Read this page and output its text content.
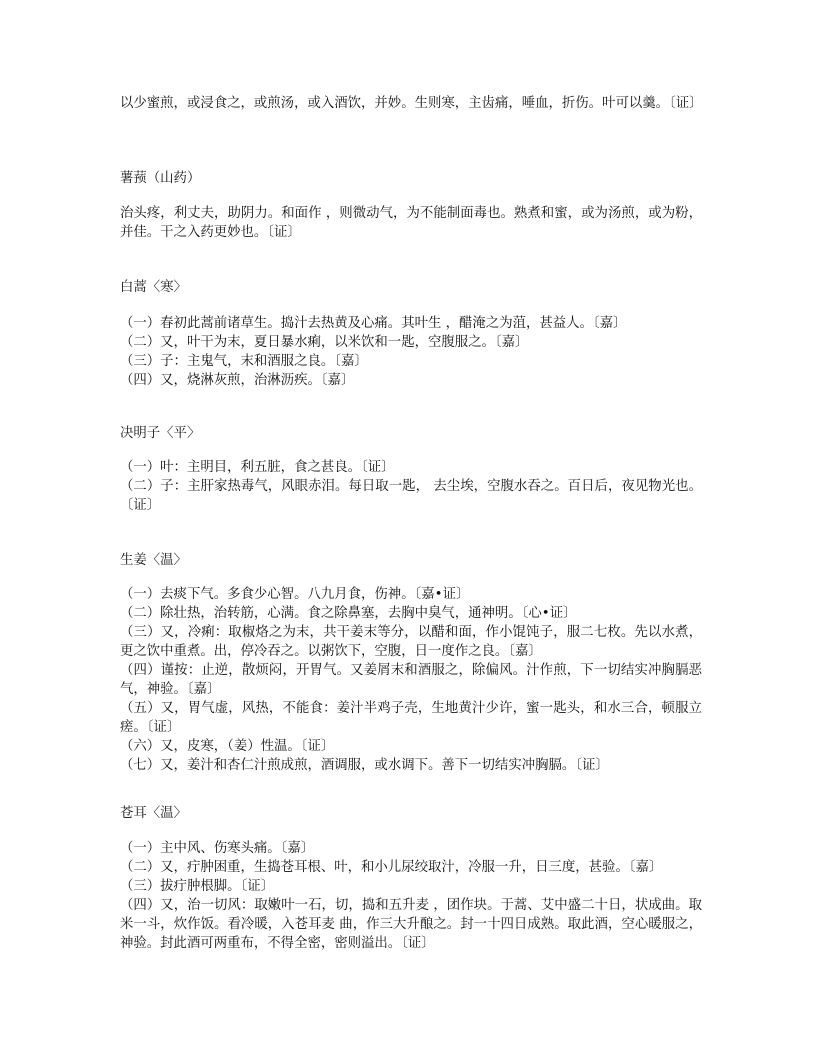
以少蜜煎，或浸食之，或煎汤，或入酒饮，并妙。生则寒，主齿痛，唾血，折伤。叶可以羹。〔证〕
薯蓣（山药）
治头疼，利丈夫，助阴力。和面作 ，则微动气，为不能制面毒也。熟煮和蜜，或为汤煎，或为粉，并佳。干之入药更妙也。〔证〕
白蒿〈寒〉
（一）春初此蒿前诸草生。捣汁去热黄及心痛。其叶生 ，醋淹之为菹，甚益人。〔嘉〕
（二）又，叶干为末，夏日暴水痢，以米饮和一匙，空腹服之。〔嘉〕
（三）子：主鬼气，末和酒服之良。〔嘉〕
（四）又，烧淋灰煎，治淋沥疾。〔嘉〕
决明子〈平〉
（一）叶：主明目，利五脏，食之甚良。〔证〕
（二）子：主肝家热毒气，风眼赤泪。每日取一匙， 去尘埃，空腹水吞之。百日后，夜见物光也。〔证〕
生姜〈温〉
（一）去痰下气。多食少心智。八九月食，伤神。〔嘉•证〕
（二）除壮热，治转筋，心满。食之除鼻塞，去胸中臭气，通神明。〔心•证〕
（三）又，冷痢：取椒烙之为末，共干姜末等分，以醋和面，作小馄饨子，服二七枚。先以水煮，更之饮中重煮。出，停冷吞之。以粥饮下，空腹，日一度作之良。〔嘉〕
（四）谨按：止逆，散烦闷，开胃气。又姜屑末和酒服之，除偏风。汁作煎，下一切结实冲胸膈恶气，神验。〔嘉〕
（五）又，胃气虚，风热，不能食：姜汁半鸡子壳，生地黄汁少许，蜜一匙头，和水三合，顿服立瘥。〔证〕
（六）又，皮寒，（姜）性温。〔证〕
（七）又，姜汁和杏仁汁煎成煎，酒调服，或水调下。善下一切结实冲胸膈。〔证〕
苍耳〈温〉
（一）主中风、伤寒头痛。〔嘉〕
（二）又，疔肿困重，生捣苍耳根、叶，和小儿尿绞取汁，冷服一升，日三度，甚验。〔嘉〕
（三）拔疔肿根脚。〔证〕
（四）又，治一切风：取嫩叶一石，切，捣和五升麦 ，团作块。于蒿、艾中盛二十日，状成曲。取米一斗，炊作饭。看冷暖，入苍耳麦 曲，作三大升酿之。封一十四日成熟。取此酒，空心暖服之，神验。封此酒可两重布，不得全密，密则溢出。〔证〕
